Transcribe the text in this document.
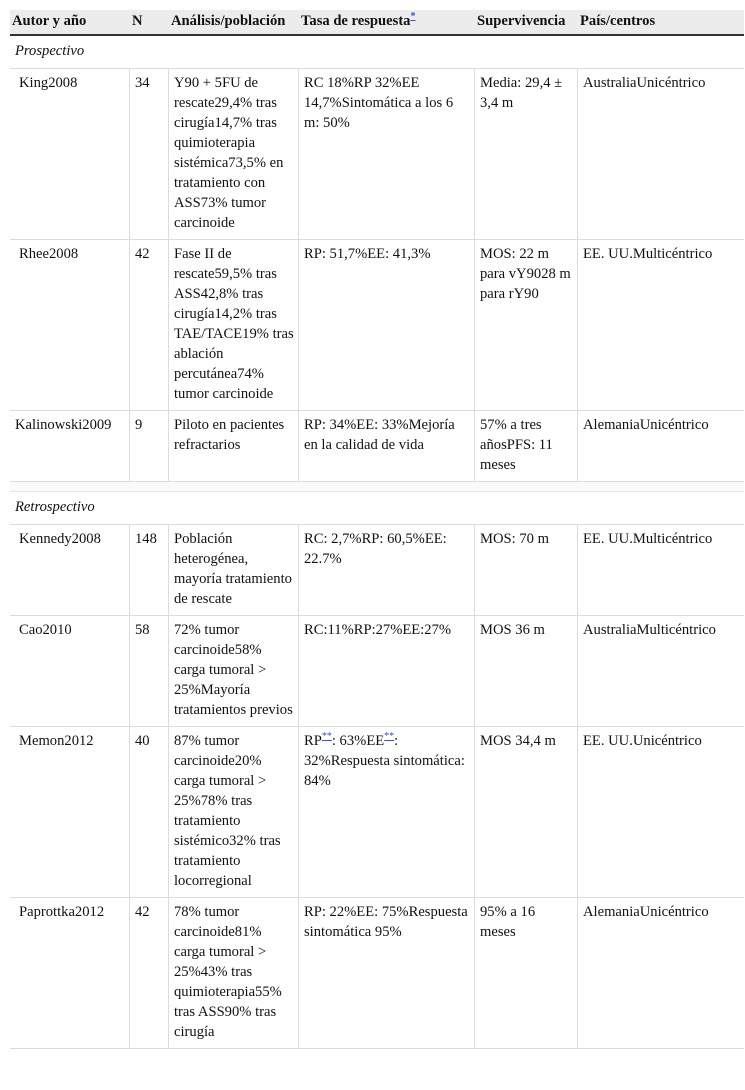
Autor y año	N	Análisis/población	Tasa de respuesta*	Supervivencia	País/centros
Prospectivo					
King2008	34	Y90 + 5FU de rescate29,4% tras cirugía14,7% tras quimioterapia sistémica73,5% en tratamiento con ASS73% tumor carcinoide	RC 18%RP 32%EE 14,7%Sintomática a los 6 m: 50%	Media: 29,4 ± 3,4 m	AustraliaUnicéntrico
Rhee2008	42	Fase II de rescate59,5% tras ASS42,8% tras cirugía14,2% tras TAE/TACE19% tras ablación percutánea74% tumor carcinoide	RP: 51,7%EE: 41,3%	MOS: 22 m para vY9028 m para rY90	EE. UU.Multicéntrico
Kalinowski2009	9	Piloto en pacientes refractarios	RP: 34%EE: 33%Mejoría en la calidad de vida	57% a tres añosPFS: 11 meses	AlemaniaUnicéntrico

Retrospectivo					
Kennedy2008	148	Población heterogénea, mayoría tratamiento de rescate	RC: 2,7%RP: 60,5%EE: 22.7%	MOS: 70 m	EE. UU.Multicéntrico
Cao2010	58	72% tumor carcinoide58% carga tumoral > 25%Mayoría tratamientos previos	RC:11%RP:27%EE:27%	MOS 36 m	AustraliaMulticéntrico
Memon2012	40	87% tumor carcinoide20% carga tumoral > 25%78% tras tratamiento sistémico32% tras tratamiento locorregional	RP**: 63%EE**: 32%Respuesta sintomática: 84%	MOS 34,4 m	EE. UU.Unicéntrico
Paprottka2012	42	78% tumor carcinoide81% carga tumoral > 25%43% tras quimioterapia55% tras ASS90% tras cirugía	RP: 22%EE: 75%Respuesta sintomática 95%	95% a 16 meses	AlemaniaUnicéntrico
